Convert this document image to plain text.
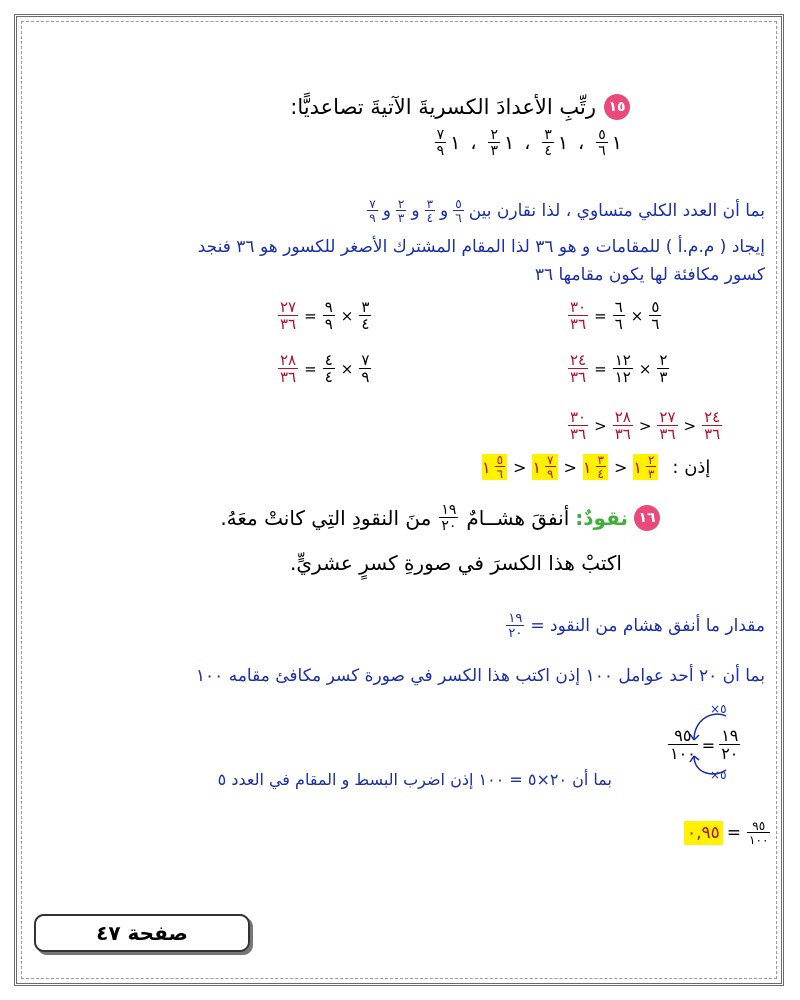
١٥
رتِّبِ الأعدادَ الكسريةَ الآتيةَ تصاعديًّا:
١
$\frac{٥}{٦}$
،
١
$\frac{٣}{٤}$
،
١
$\frac{٢}{٣}$
،
١
$\frac{٧}{٩}$
بما أن العدد الكلي متساوي ، لذا نقارن بين
$\frac{٥}{٦}$
و
$\frac{٣}{٤}$
و
$\frac{٢}{٣}$
و
$\frac{٧}{٩}$
إيجاد ( م.م.أ ) للمقامات و هو ٣٦ لذا المقام المشترك الأصغر للكسور هو ٣٦ فنجد
كسور مكافئة لها يكون مقامها ٣٦
$\frac{٣٠}{٣٦} = \frac{٦}{٦} \times \frac{٥}{٦}$
$\frac{٢٧}{٣٦} = \frac{٩}{٩} \times \frac{٣}{٤}$
$\frac{٢٤}{٣٦} = \frac{١٢}{١٢} \times \frac{٢}{٣}$
$\frac{٢٨}{٣٦} = \frac{٤}{٤} \times \frac{٧}{٩}$
$\frac{٣٠}{٣٦} > \frac{٢٨}{٣٦} > \frac{٢٧}{٣٦} > \frac{٢٤}{٣٦}$
١ $\frac{٥}{٦}$ > ١ $\frac{٧}{٩}$ > ١ $\frac{٣}{٤}$ > ١ $\frac{٢}{٣}$ إذن :
١٦
نقودٌ:
أنفقَ هشــامٌ
$\frac{١٩}{٢٠}$
منَ النقودِ التِي كانتْ معَهُ.
اكتبْ هذا الكسرَ في صورةِ كسرٍ عشريٍّ.
مقدار ما أنفق هشام من النقود =
$\frac{١٩}{٢٠}$
بما أن ٢٠ أحد عوامل ١٠٠ إذن اكتب هذا الكسر في صورة كسر مكافئ مقامه ١٠٠
×٥
×٥
$\frac{٩٥}{١٠٠} = \frac{١٩}{٢٠}$
بما أن ٢٠×٥ = ١٠٠ إذن اضرب البسط و المقام في العدد ٥
٠,٩٥ = $\frac{٩٥}{١٠٠}$
صفحة ٤٧
